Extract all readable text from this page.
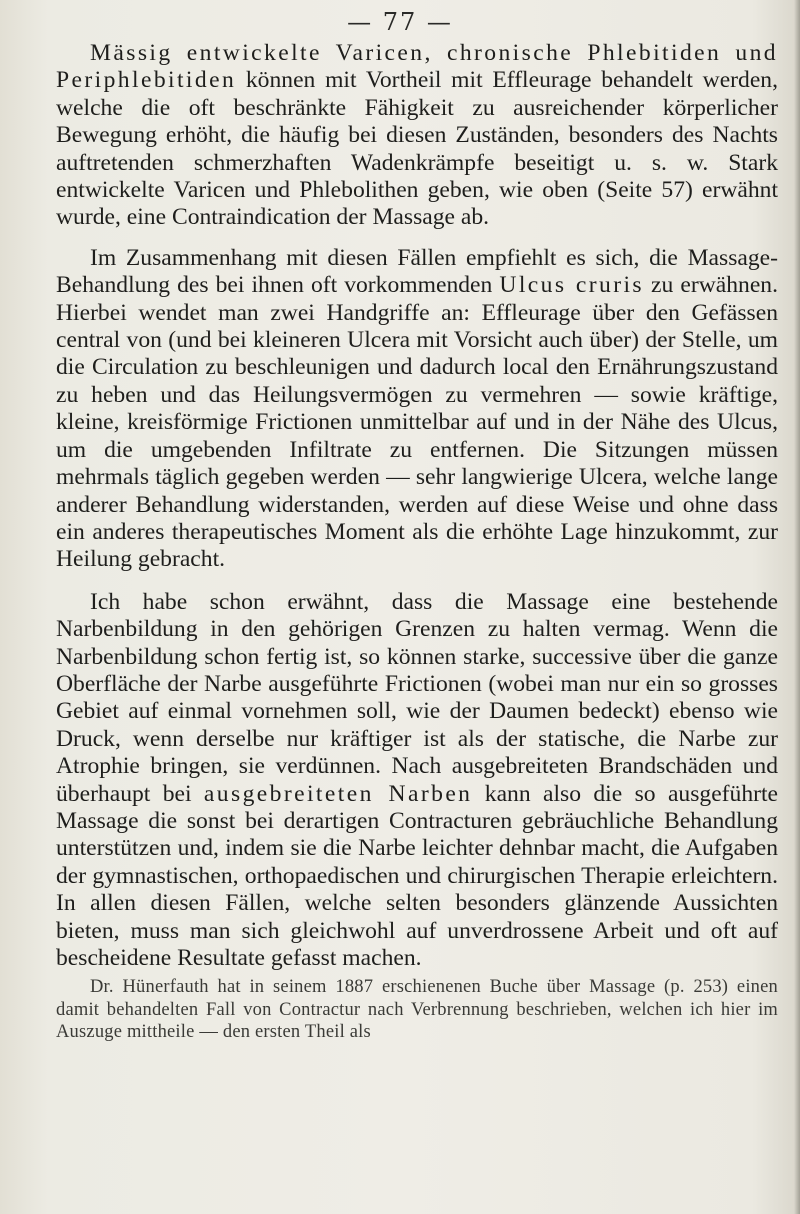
— 77 —

Mässig entwickelte Varicen, chronische Phlebitiden und Periphlebitiden können mit Vortheil mit Effleurage behandelt werden, welche die oft beschränkte Fähigkeit zu ausreichender körperlicher Bewegung erhöht, die häufig bei diesen Zuständen, besonders des Nachts auftretenden schmerzhaften Wadenkrämpfe beseitigt u. s. w. Stark entwickelte Varicen und Phlebolithen geben, wie oben (Seite 57) erwähnt wurde, eine Contraindication der Massage ab.

Im Zusammenhang mit diesen Fällen empfiehlt es sich, die Massage-Behandlung des bei ihnen oft vorkommenden Ulcus cruris zu erwähnen. Hierbei wendet man zwei Handgriffe an: Effleurage über den Gefässen central von (und bei kleineren Ulcera mit Vorsicht auch über) der Stelle, um die Circulation zu beschleunigen und dadurch local den Ernährungszustand zu heben und das Heilungsvermögen zu vermehren — sowie kräftige, kleine, kreisförmige Frictionen unmittelbar auf und in der Nähe des Ulcus, um die umgebenden Infiltrate zu entfernen. Die Sitzungen müssen mehrmals täglich gegeben werden — sehr langwierige Ulcera, welche lange anderer Behandlung widerstanden, werden auf diese Weise und ohne dass ein anderes therapeutisches Moment als die erhöhte Lage hinzukommt, zur Heilung gebracht.

Ich habe schon erwähnt, dass die Massage eine bestehende Narbenbildung in den gehörigen Grenzen zu halten vermag. Wenn die Narbenbildung schon fertig ist, so können starke, successive über die ganze Oberfläche der Narbe ausgeführte Frictionen (wobei man nur ein so grosses Gebiet auf einmal vornehmen soll, wie der Daumen bedeckt) ebenso wie Druck, wenn derselbe nur kräftiger ist als der statische, die Narbe zur Atrophie bringen, sie verdünnen. Nach ausgebreiteten Brandschäden und überhaupt bei ausgebreiteten Narben kann also die so ausgeführte Massage die sonst bei derartigen Contracturen gebräuchliche Behandlung unterstützen und, indem sie die Narbe leichter dehnbar macht, die Aufgaben der gymnastischen, orthopaedischen und chirurgischen Therapie erleichtern. In allen diesen Fällen, welche selten besonders glänzende Aussichten bieten, muss man sich gleichwohl auf unverdrossene Arbeit und oft auf bescheidene Resultate gefasst machen.

Dr. Hünerfauth hat in seinem 1887 erschienenen Buche über Massage (p. 253) einen damit behandelten Fall von Contractur nach Verbrennung beschrieben, welchen ich hier im Auszuge mittheile — den ersten Theil als
